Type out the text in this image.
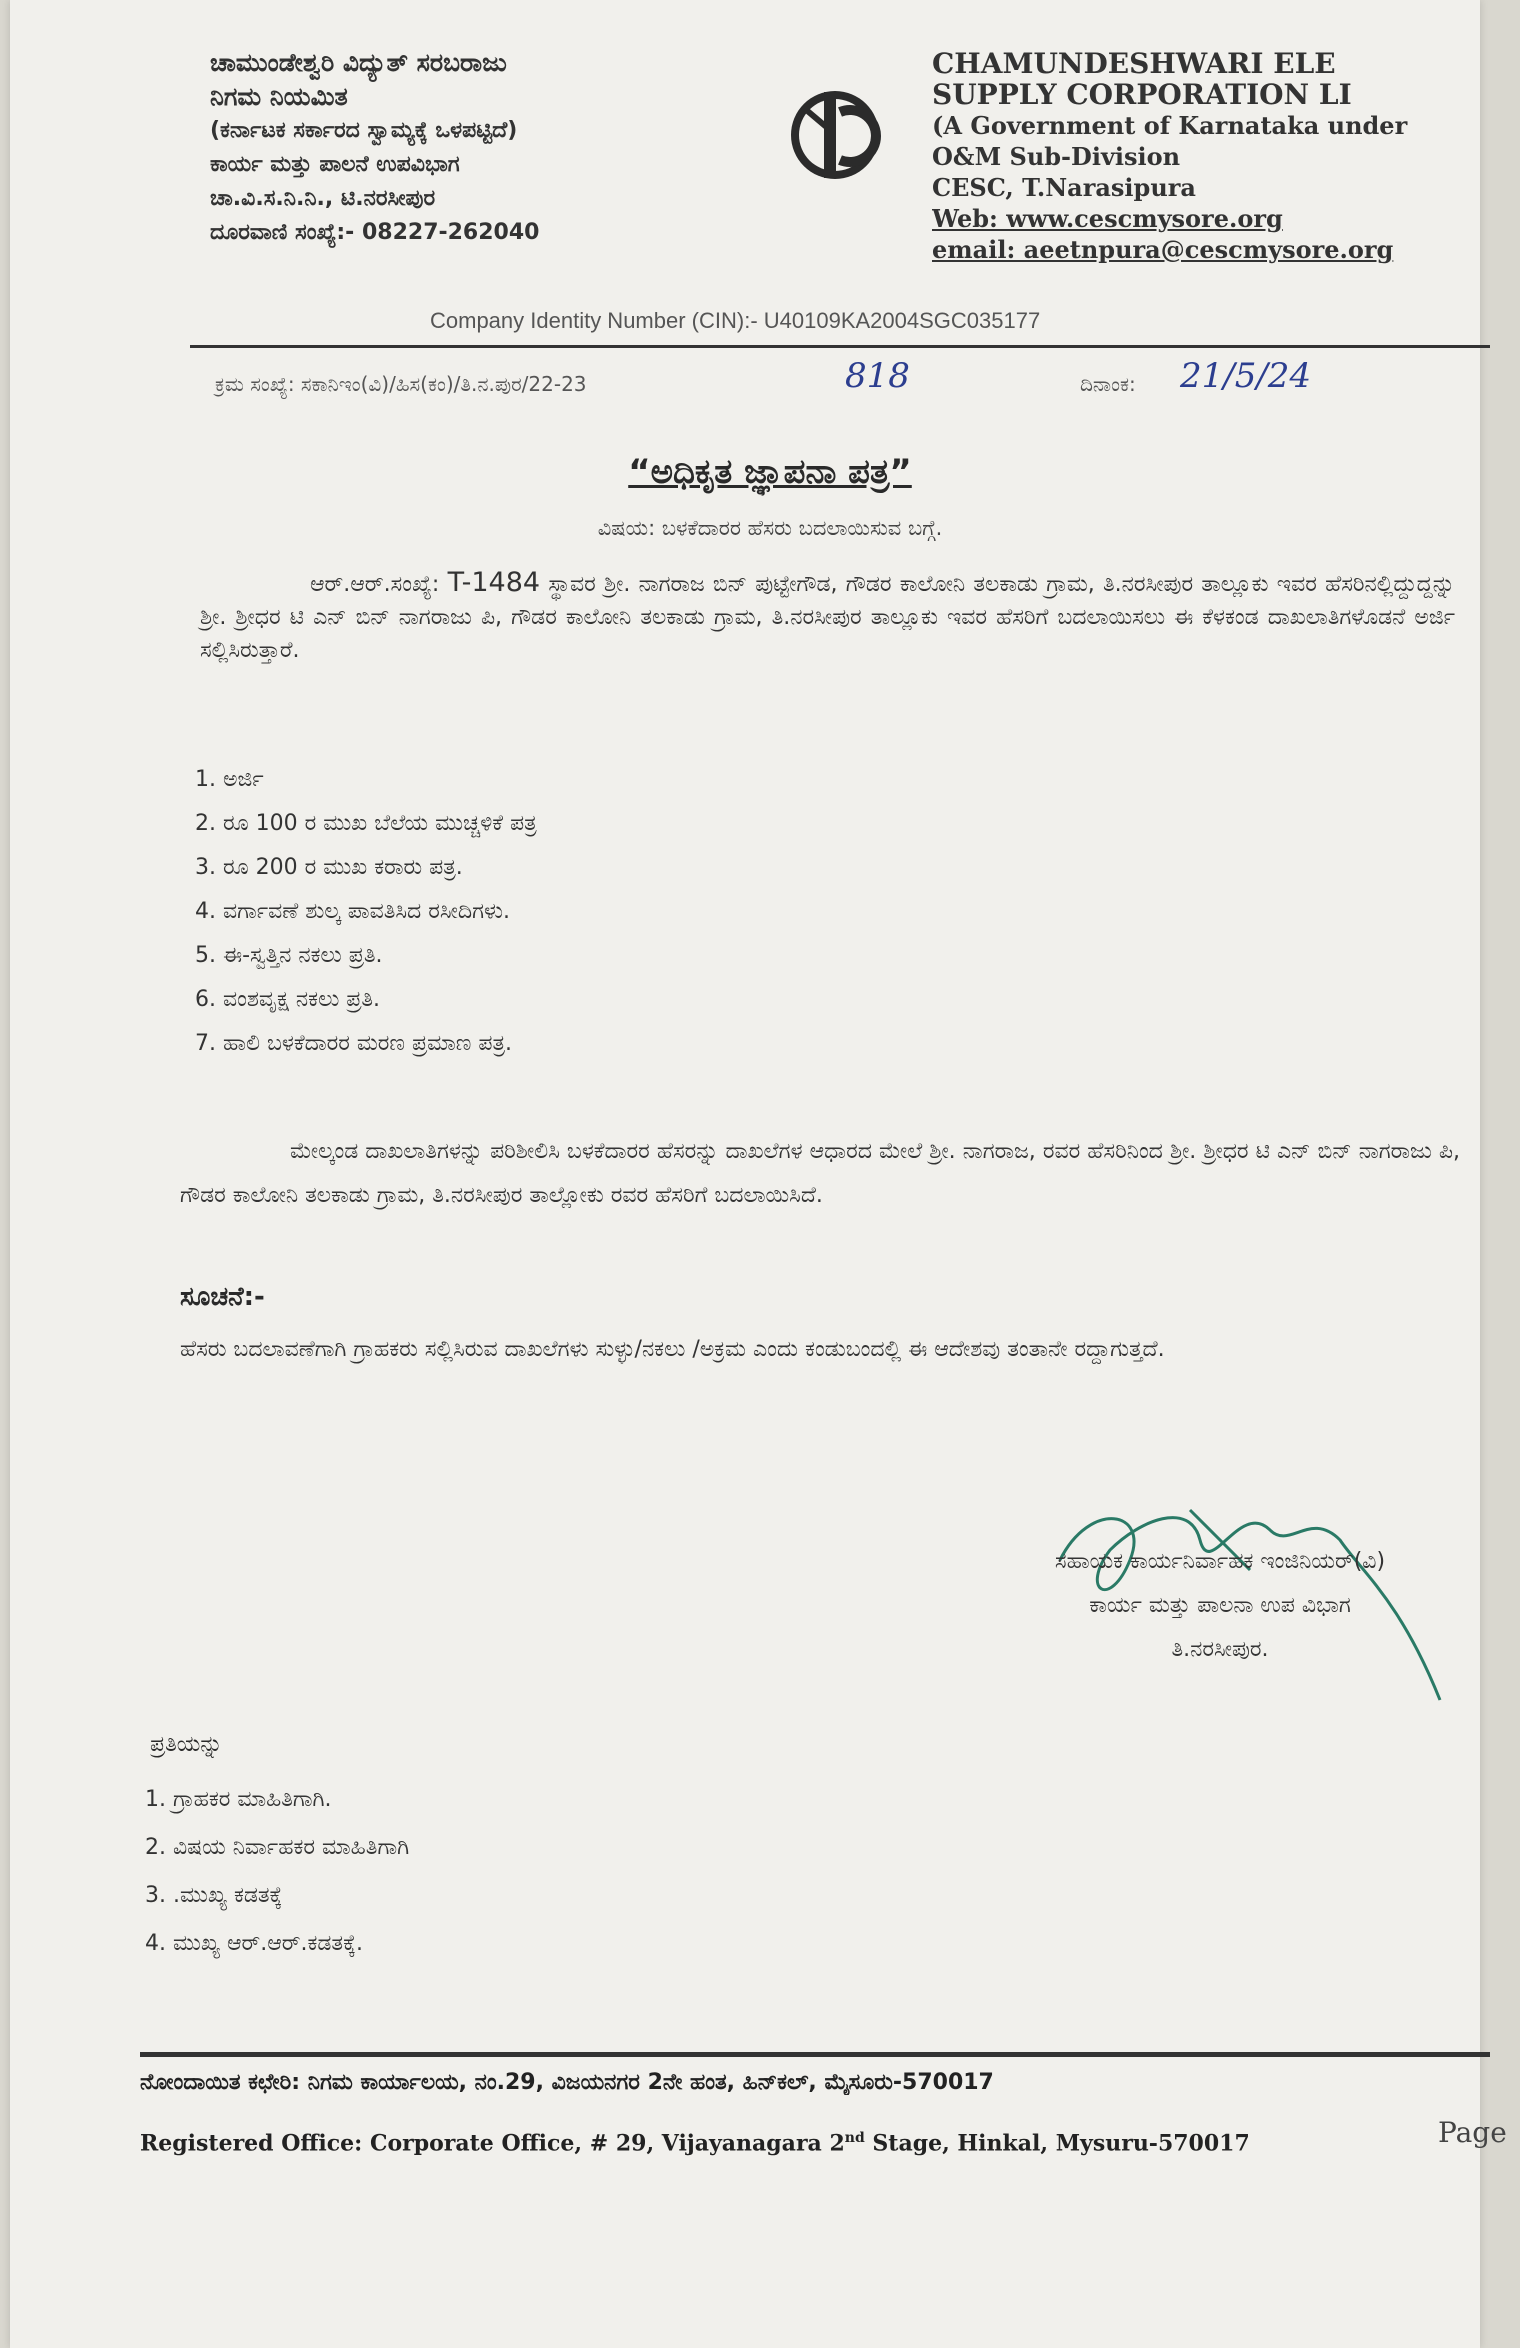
ಚಾಮುಂಡೇಶ್ವರಿ ವಿದ್ಯುತ್ ಸರಬರಾಜು
ನಿಗಮ ನಿಯಮಿತ
(ಕರ್ನಾಟಕ ಸರ್ಕಾರದ ಸ್ವಾಮ್ಯಕ್ಕೆ ಒಳಪಟ್ಟಿದೆ)
ಕಾರ್ಯ ಮತ್ತು ಪಾಲನೆ ಉಪವಿಭಾಗ
ಚಾ.ವಿ.ಸ.ನಿ.ನಿ., ಟಿ.ನರಸೀಪುರ
ದೂರವಾಣಿ ಸಂಖ್ಯೆ:- 08227-262040
CHAMUNDESHWARI ELE
SUPPLY CORPORATION LI
(A Government of Karnataka under
O&M Sub-Division
CESC, T.Narasipura
Web: www.cescmysore.org
email: aeetnpura@cescmysore.org
Company Identity Number (CIN):- U40109KA2004SGC035177
ಕ್ರಮ ಸಂಖ್ಯೆ: ಸಕಾನಿಇಂ(ವಿ)/ಹಿಸ(ಕಂ)/ತಿ.ನ.ಪುರ/22-23	818	ದಿನಾಂಕ: 21/5/24
“ಅಧಿಕೃತ ಜ್ಞಾಪನಾ ಪತ್ರ”
ವಿಷಯ: ಬಳಕೆದಾರರ ಹೆಸರು ಬದಲಾಯಿಸುವ ಬಗ್ಗೆ.
ಆರ್.ಆರ್.ಸಂಖ್ಯೆ: T-1484 ಸ್ಥಾವರ ಶ್ರೀ. ನಾಗರಾಜ ಬಿನ್ ಪುಟ್ಟೇಗೌಡ, ಗೌಡರ ಕಾಲೋನಿ ತಲಕಾಡು ಗ್ರಾಮ, ತಿ.ನರಸೀಪುರ ತಾಲ್ಲೂಕು ಇವರ ಹೆಸರಿನಲ್ಲಿದ್ದುದ್ದನ್ನು ಶ್ರೀ. ಶ್ರೀಧರ ಟಿ ಎನ್ ಬಿನ್ ನಾಗರಾಜು ಪಿ, ಗೌಡರ ಕಾಲೋನಿ ತಲಕಾಡು ಗ್ರಾಮ, ತಿ.ನರಸೀಪುರ ತಾಲ್ಲೂಕು ಇವರ ಹೆಸರಿಗೆ ಬದಲಾಯಿಸಲು ಈ ಕೆಳಕಂಡ ದಾಖಲಾತಿಗಳೊಡನೆ ಅರ್ಜಿ ಸಲ್ಲಿಸಿರುತ್ತಾರೆ.
1. ಅರ್ಜಿ
2. ರೂ 100 ರ ಮುಖ ಬೆಲೆಯ ಮುಚ್ಚಳಿಕೆ ಪತ್ರ
3. ರೂ 200 ರ ಮುಖ ಕರಾರು ಪತ್ರ.
4. ವರ್ಗಾವಣೆ ಶುಲ್ಕ ಪಾವತಿಸಿದ ರಸೀದಿಗಳು.
5. ಈ-ಸ್ವತ್ತಿನ ನಕಲು ಪ್ರತಿ.
6. ವಂಶವೃಕ್ಷ ನಕಲು ಪ್ರತಿ.
7. ಹಾಲಿ ಬಳಕೆದಾರರ ಮರಣ ಪ್ರಮಾಣ ಪತ್ರ.
ಮೇಲ್ಕಂಡ ದಾಖಲಾತಿಗಳನ್ನು ಪರಿಶೀಲಿಸಿ ಬಳಕೆದಾರರ ಹೆಸರನ್ನು ದಾಖಲೆಗಳ ಆಧಾರದ ಮೇಲೆ ಶ್ರೀ. ನಾಗರಾಜ, ರವರ ಹೆಸರಿನಿಂದ ಶ್ರೀ. ಶ್ರೀಧರ ಟಿ ಎನ್ ಬಿನ್ ನಾಗರಾಜು ಪಿ, ಗೌಡರ ಕಾಲೋನಿ ತಲಕಾಡು ಗ್ರಾಮ, ತಿ.ನರಸೀಪುರ ತಾಲ್ಲೋಕು ರವರ ಹೆಸರಿಗೆ ಬದಲಾಯಿಸಿದೆ.
ಸೂಚನೆ:-
ಹೆಸರು ಬದಲಾವಣೆಗಾಗಿ ಗ್ರಾಹಕರು ಸಲ್ಲಿಸಿರುವ ದಾಖಲೆಗಳು ಸುಳ್ಳು/ನಕಲು /ಅಕ್ರಮ ಎಂದು ಕಂಡುಬಂದಲ್ಲಿ ಈ ಆದೇಶವು ತಂತಾನೇ ರದ್ದಾಗುತ್ತದೆ.
ಸಹಾಯಕ ಕಾರ್ಯನಿರ್ವಾಹಕ ಇಂಜಿನಿಯರ್(ವಿ)
ಕಾರ್ಯ ಮತ್ತು ಪಾಲನಾ ಉಪ ವಿಭಾಗ
ತಿ.ನರಸೀಪುರ.
ಪ್ರತಿಯನ್ನು
1. ಗ್ರಾಹಕರ ಮಾಹಿತಿಗಾಗಿ.
2. ವಿಷಯ ನಿರ್ವಾಹಕರ ಮಾಹಿತಿಗಾಗಿ
3. .ಮುಖ್ಯ ಕಡತಕ್ಕೆ
4. ಮುಖ್ಯ ಆರ್.ಆರ್.ಕಡತಕ್ಕೆ.
ನೋಂದಾಯಿತ ಕಛೇರಿ: ನಿಗಮ ಕಾರ್ಯಾಲಯ, ನಂ.29, ವಿಜಯನಗರ 2ನೇ ಹಂತ, ಹಿನ್‌ಕಲ್, ಮೈಸೂರು-570017
Registered Office: Corporate Office, # 29, Vijayanagara 2nd Stage, Hinkal, Mysuru-570017	Page
